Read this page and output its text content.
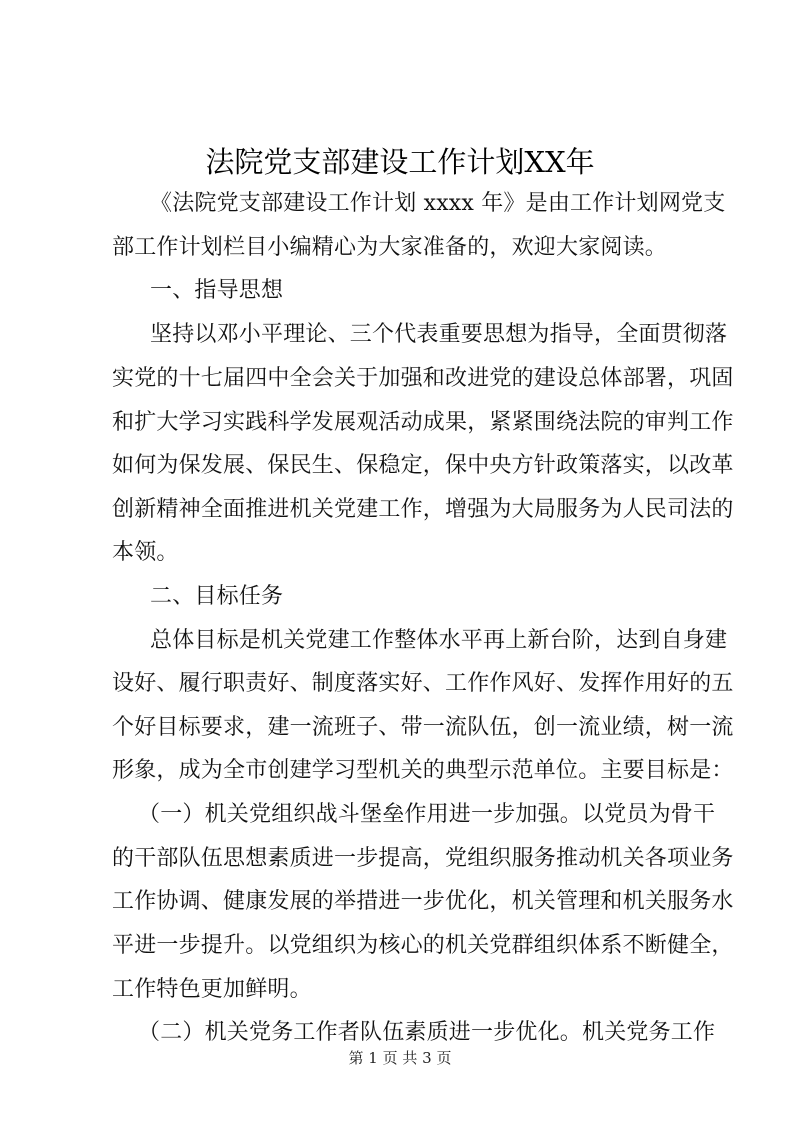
法院党支部建设工作计划XX年
《法院党支部建设工作计划 xxxx 年》是由工作计划网党支
部工作计划栏目小编精心为大家准备的，欢迎大家阅读。
一、指导思想
坚持以邓小平理论、三个代表重要思想为指导，全面贯彻落
实党的十七届四中全会关于加强和改进党的建设总体部署，巩固
和扩大学习实践科学发展观活动成果，紧紧围绕法院的审判工作
如何为保发展、保民生、保稳定，保中央方针政策落实，以改革
创新精神全面推进机关党建工作，增强为大局服务为人民司法的
本领。
二、目标任务
总体目标是机关党建工作整体水平再上新台阶，达到自身建
设好、履行职责好、制度落实好、工作作风好、发挥作用好的五
个好目标要求，建一流班子、带一流队伍，创一流业绩，树一流
形象，成为全市创建学习型机关的典型示范单位。主要目标是：
（一）机关党组织战斗堡垒作用进一步加强。以党员为骨干
的干部队伍思想素质进一步提高，党组织服务推动机关各项业务
工作协调、健康发展的举措进一步优化，机关管理和机关服务水
平进一步提升。以党组织为核心的机关党群组织体系不断健全，
工作特色更加鲜明。
（二）机关党务工作者队伍素质进一步优化。机关党务工作
第 1 页 共 3 页
